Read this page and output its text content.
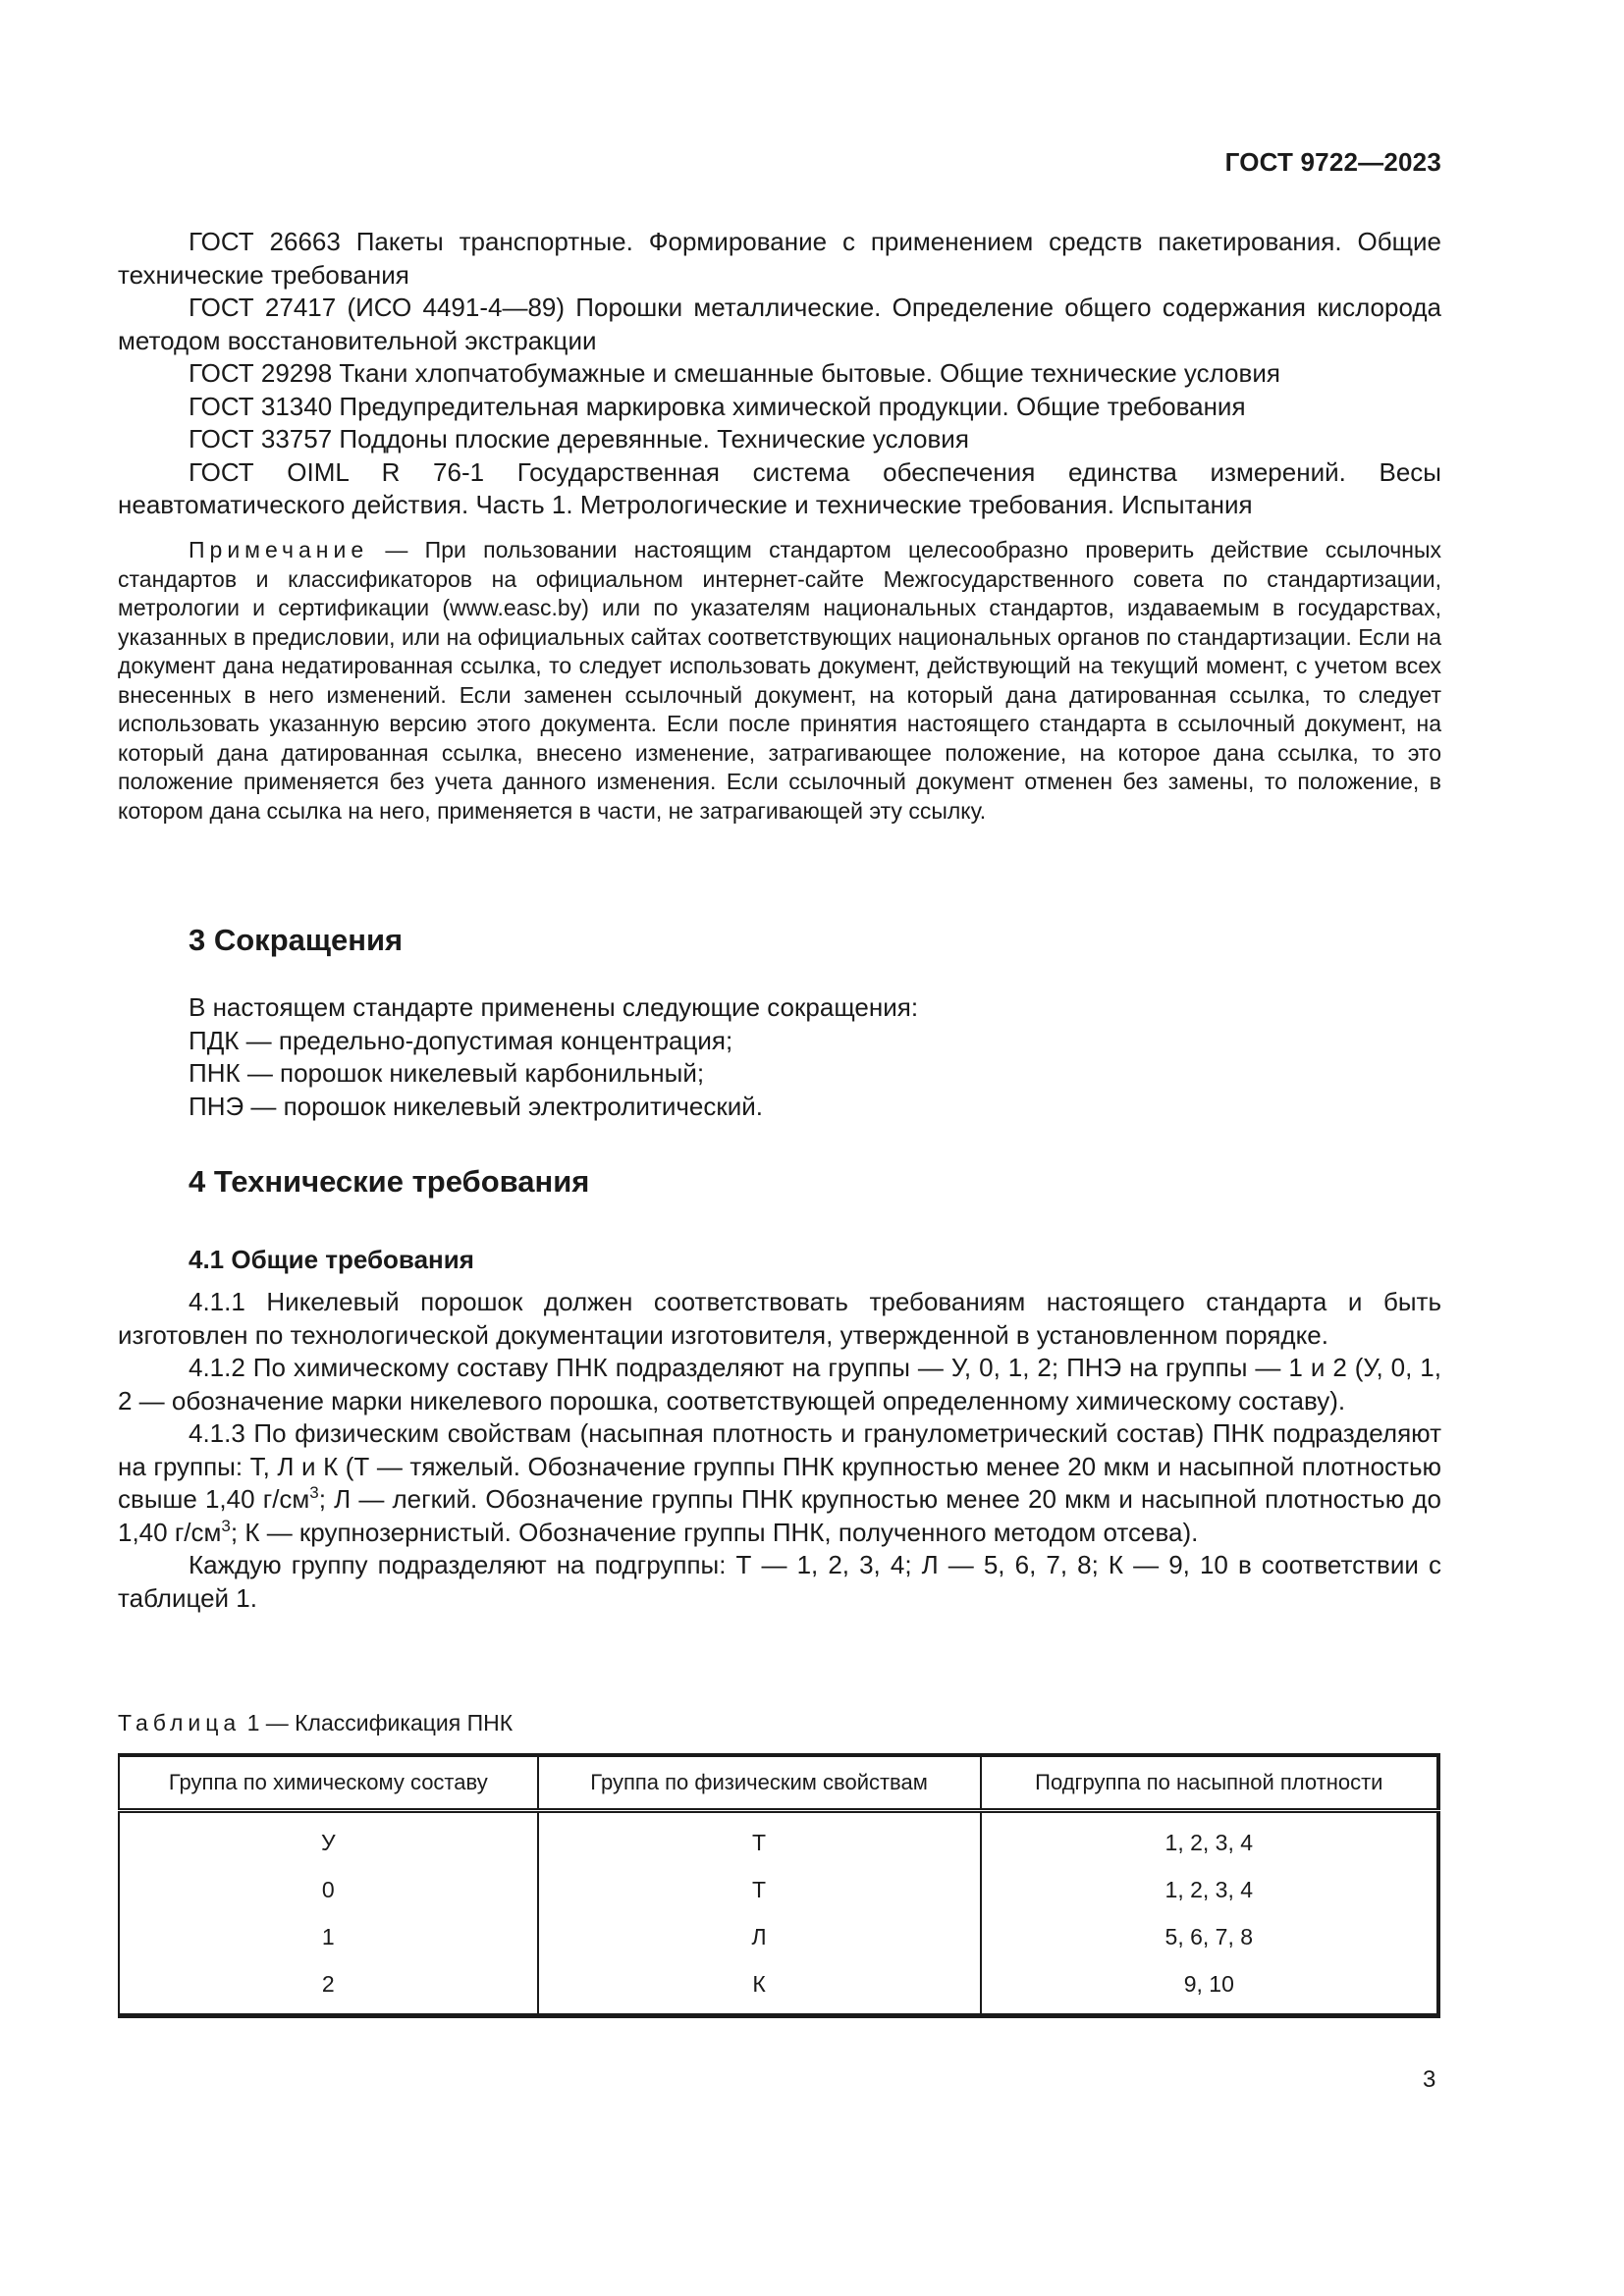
ГОСТ 9722—2023

ГОСТ 26663 Пакеты транспортные. Формирование с применением средств пакетирования. Общие технические требования

ГОСТ 27417 (ИСО 4491-4—89) Порошки металлические. Определение общего содержания кислорода методом восстановительной экстракции

ГОСТ 29298 Ткани хлопчатобумажные и смешанные бытовые. Общие технические условия

ГОСТ 31340 Предупредительная маркировка химической продукции. Общие требования

ГОСТ 33757 Поддоны плоские деревянные. Технические условия

ГОСТ OIML R 76-1 Государственная система обеспечения единства измерений. Весы неавтоматического действия. Часть 1. Метрологические и технические требования. Испытания

Примечание — При пользовании настоящим стандартом целесообразно проверить действие ссылочных стандартов и классификаторов на официальном интернет-сайте Межгосударственного совета по стандартизации, метрологии и сертификации (www.easc.by) или по указателям национальных стандартов, издаваемым в государствах, указанных в предисловии, или на официальных сайтах соответствующих национальных органов по стандартизации. Если на документ дана недатированная ссылка, то следует использовать документ, действующий на текущий момент, с учетом всех внесенных в него изменений. Если заменен ссылочный документ, на который дана датированная ссылка, то следует использовать указанную версию этого документа. Если после принятия настоящего стандарта в ссылочный документ, на который дана датированная ссылка, внесено изменение, затрагивающее положение, на которое дана ссылка, то это положение применяется без учета данного изменения. Если ссылочный документ отменен без замены, то положение, в котором дана ссылка на него, применяется в части, не затрагивающей эту ссылку.

3 Сокращения

В настоящем стандарте применены следующие сокращения:

ПДК — предельно-допустимая концентрация;

ПНК — порошок никелевый карбонильный;

ПНЭ — порошок никелевый электролитический.

4 Технические требования
4.1 Общие требования

4.1.1 Никелевый порошок должен соответствовать требованиям настоящего стандарта и быть изготовлен по технологической документации изготовителя, утвержденной в установленном порядке.

4.1.2 По химическому составу ПНК подразделяют на группы — У, 0, 1, 2; ПНЭ на группы — 1 и 2 (У, 0, 1, 2 — обозначение марки никелевого порошка, соответствующей определенному химическому составу).

4.1.3 По физическим свойствам (насыпная плотность и гранулометрический состав) ПНК подразделяют на группы: Т, Л и К (Т — тяжелый. Обозначение группы ПНК крупностью менее 20 мкм и насыпной плотностью свыше 1,40 $г/см^3$; Л — легкий. Обозначение группы ПНК крупностью менее 20 мкм и насыпной плотностью до 1,40 $г/см^3$; К — крупнозернистый. Обозначение группы ПНК, полученного методом отсева).

Каждую группу подразделяют на подгруппы: Т — 1, 2, 3, 4; Л — 5, 6, 7, 8; К — 9, 10 в соответствии с таблицей 1.

Таблица 1 — Классификация ПНК
Группа по химическому составу	Группа по физическим свойствам	Подгруппа по насыпной плотности
У	Т	1, 2, 3, 4
0	Т	1, 2, 3, 4
1	Л	5, 6, 7, 8
2	К	9, 10
3
